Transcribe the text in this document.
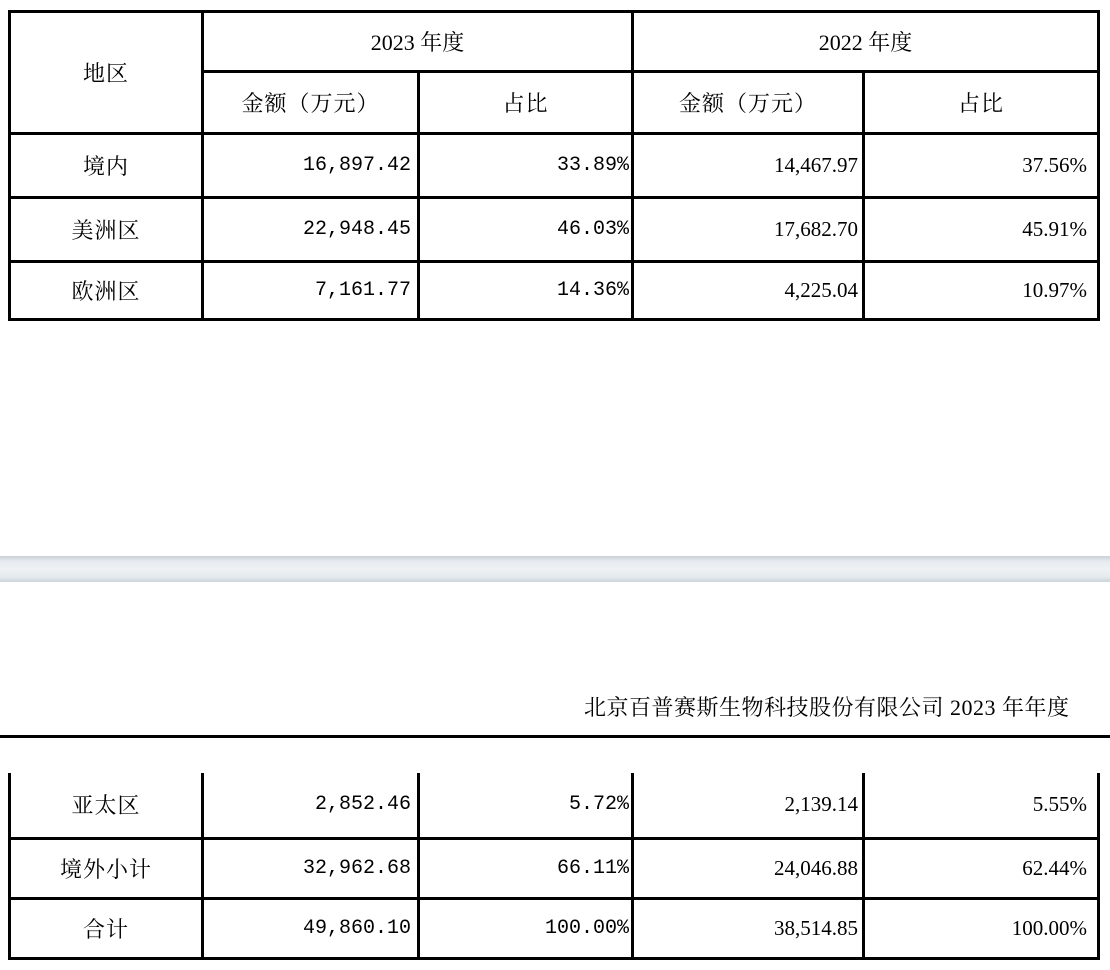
地区	2023 年度		2022 年度	
	金额（万元）	占比	金额（万元）	占比
境内	16,897.42	33.89%	14,467.97	37.56%
美洲区	22,948.45	46.03%	17,682.70	45.91%
欧洲区	7,161.77	14.36%	4,225.04	10.97%
北京百普赛斯生物科技股份有限公司 2023 年年度
亚太区	2,852.46	5.72%	2,139.14	5.55%
境外小计	32,962.68	66.11%	24,046.88	62.44%
合计	49,860.10	100.00%	38,514.85	100.00%
